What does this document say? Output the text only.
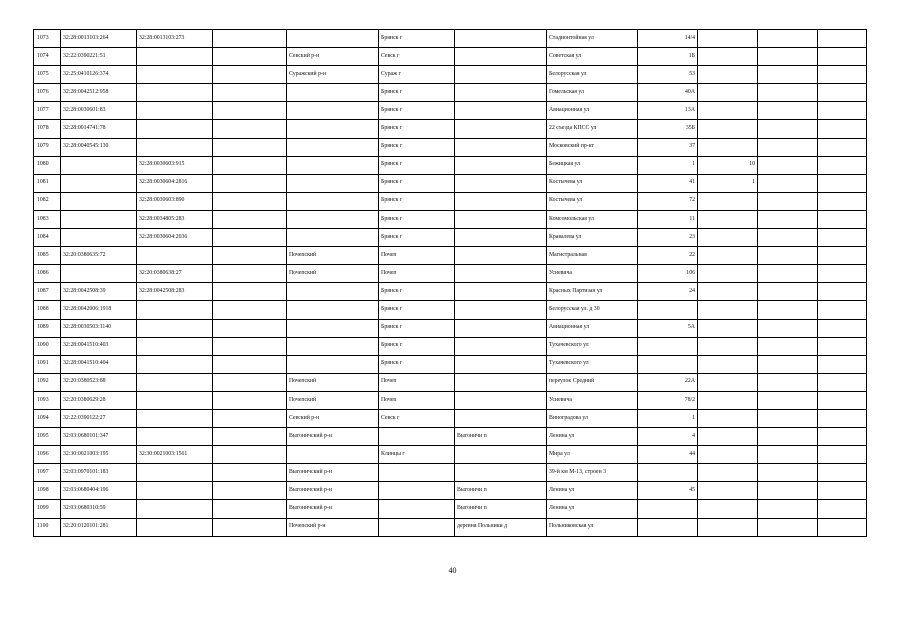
1073	32:28:0013103:264	32:28:0013103:273			Брянск г		Стадионтойная ул	14/4			
1074	32:22:0390221:51			Севский р-н	Севск г		Советская ул	1Б			
1075	32:25:0410126:374			Суражский р-н	Сураж г		Белорусская ул	53			
1076	32:28:0042512:958				Брянск г		Гомельская ул	40А			
1077	32:28:0030601:83				Брянск г		Авиационная ул	13А			
1078	32:28:0014741:78				Брянск г		22 съезда КПСС ул	35Б			
1079	32:28:0040545:130				Брянск г		Московский пр-кт	37			
1080		32:28:0030603:915			Брянск г		Бежицкая ул	1	10		
1081		32:28:0030604:2816			Брянск г		Костычева ул	41	1		
1082		32:28:0030603:890			Брянск г		Костычева ул	72			
1083		32:28:0034805:283			Брянск г		Комсомольская ул	11			
1084		32:28:0030604:2036			Брянск г		Кравалева ул	23			
1085	32:20:0380635:72			Почепский	Почеп		Магистральная	22			
1086		32:20:0380638:27		Почепский	Почеп		Усиевича	106			
1087	32:28:0042508:39	32:28:0042508:283			Брянск г		Красных Партизан ул	24			
1088	32:28:0042006:1918				Брянск г		Белорусская ул. д 30				
1089	32:28:0030503:1140				Брянск г		Авиационная ул	5А			
1090	32:28:0041510:403				Брянск г		Тухачевского ул				
1091	32:28:0041510:404				Брянск г		Тухачевского ул				
1092	32:20:0380523:88			Почепский	Почеп		переулок Средний	22А			
1093	32:20:0380629:28			Почепский	Почеп		Усиевича	78/2			
1094	32:22:0390122:27			Севский р-н	Севск г		Виноградова ул	1			
1095	32:03:0680101:347			Выгоничский р-н		Выгоничи п	Ленина ул	4			
1096	32:30:0021003:195	32:30:0021003:1561			Клинцы г		Мира ул	44			
1097	32:03:0970101:183			Выгоничский р-н			39-й км М-13, строен 3				
1098	32:03:0680404:196			Выгоничский р-н		Выгоничи п	Ленина ул	45			
1099	32:03:0680310:59			Выгоничский р-н		Выгоничи п	Ленина ул				
1100	32:20:0120101:281			Почепский р-н		деревня Польники д	Польниковская ул				
40
